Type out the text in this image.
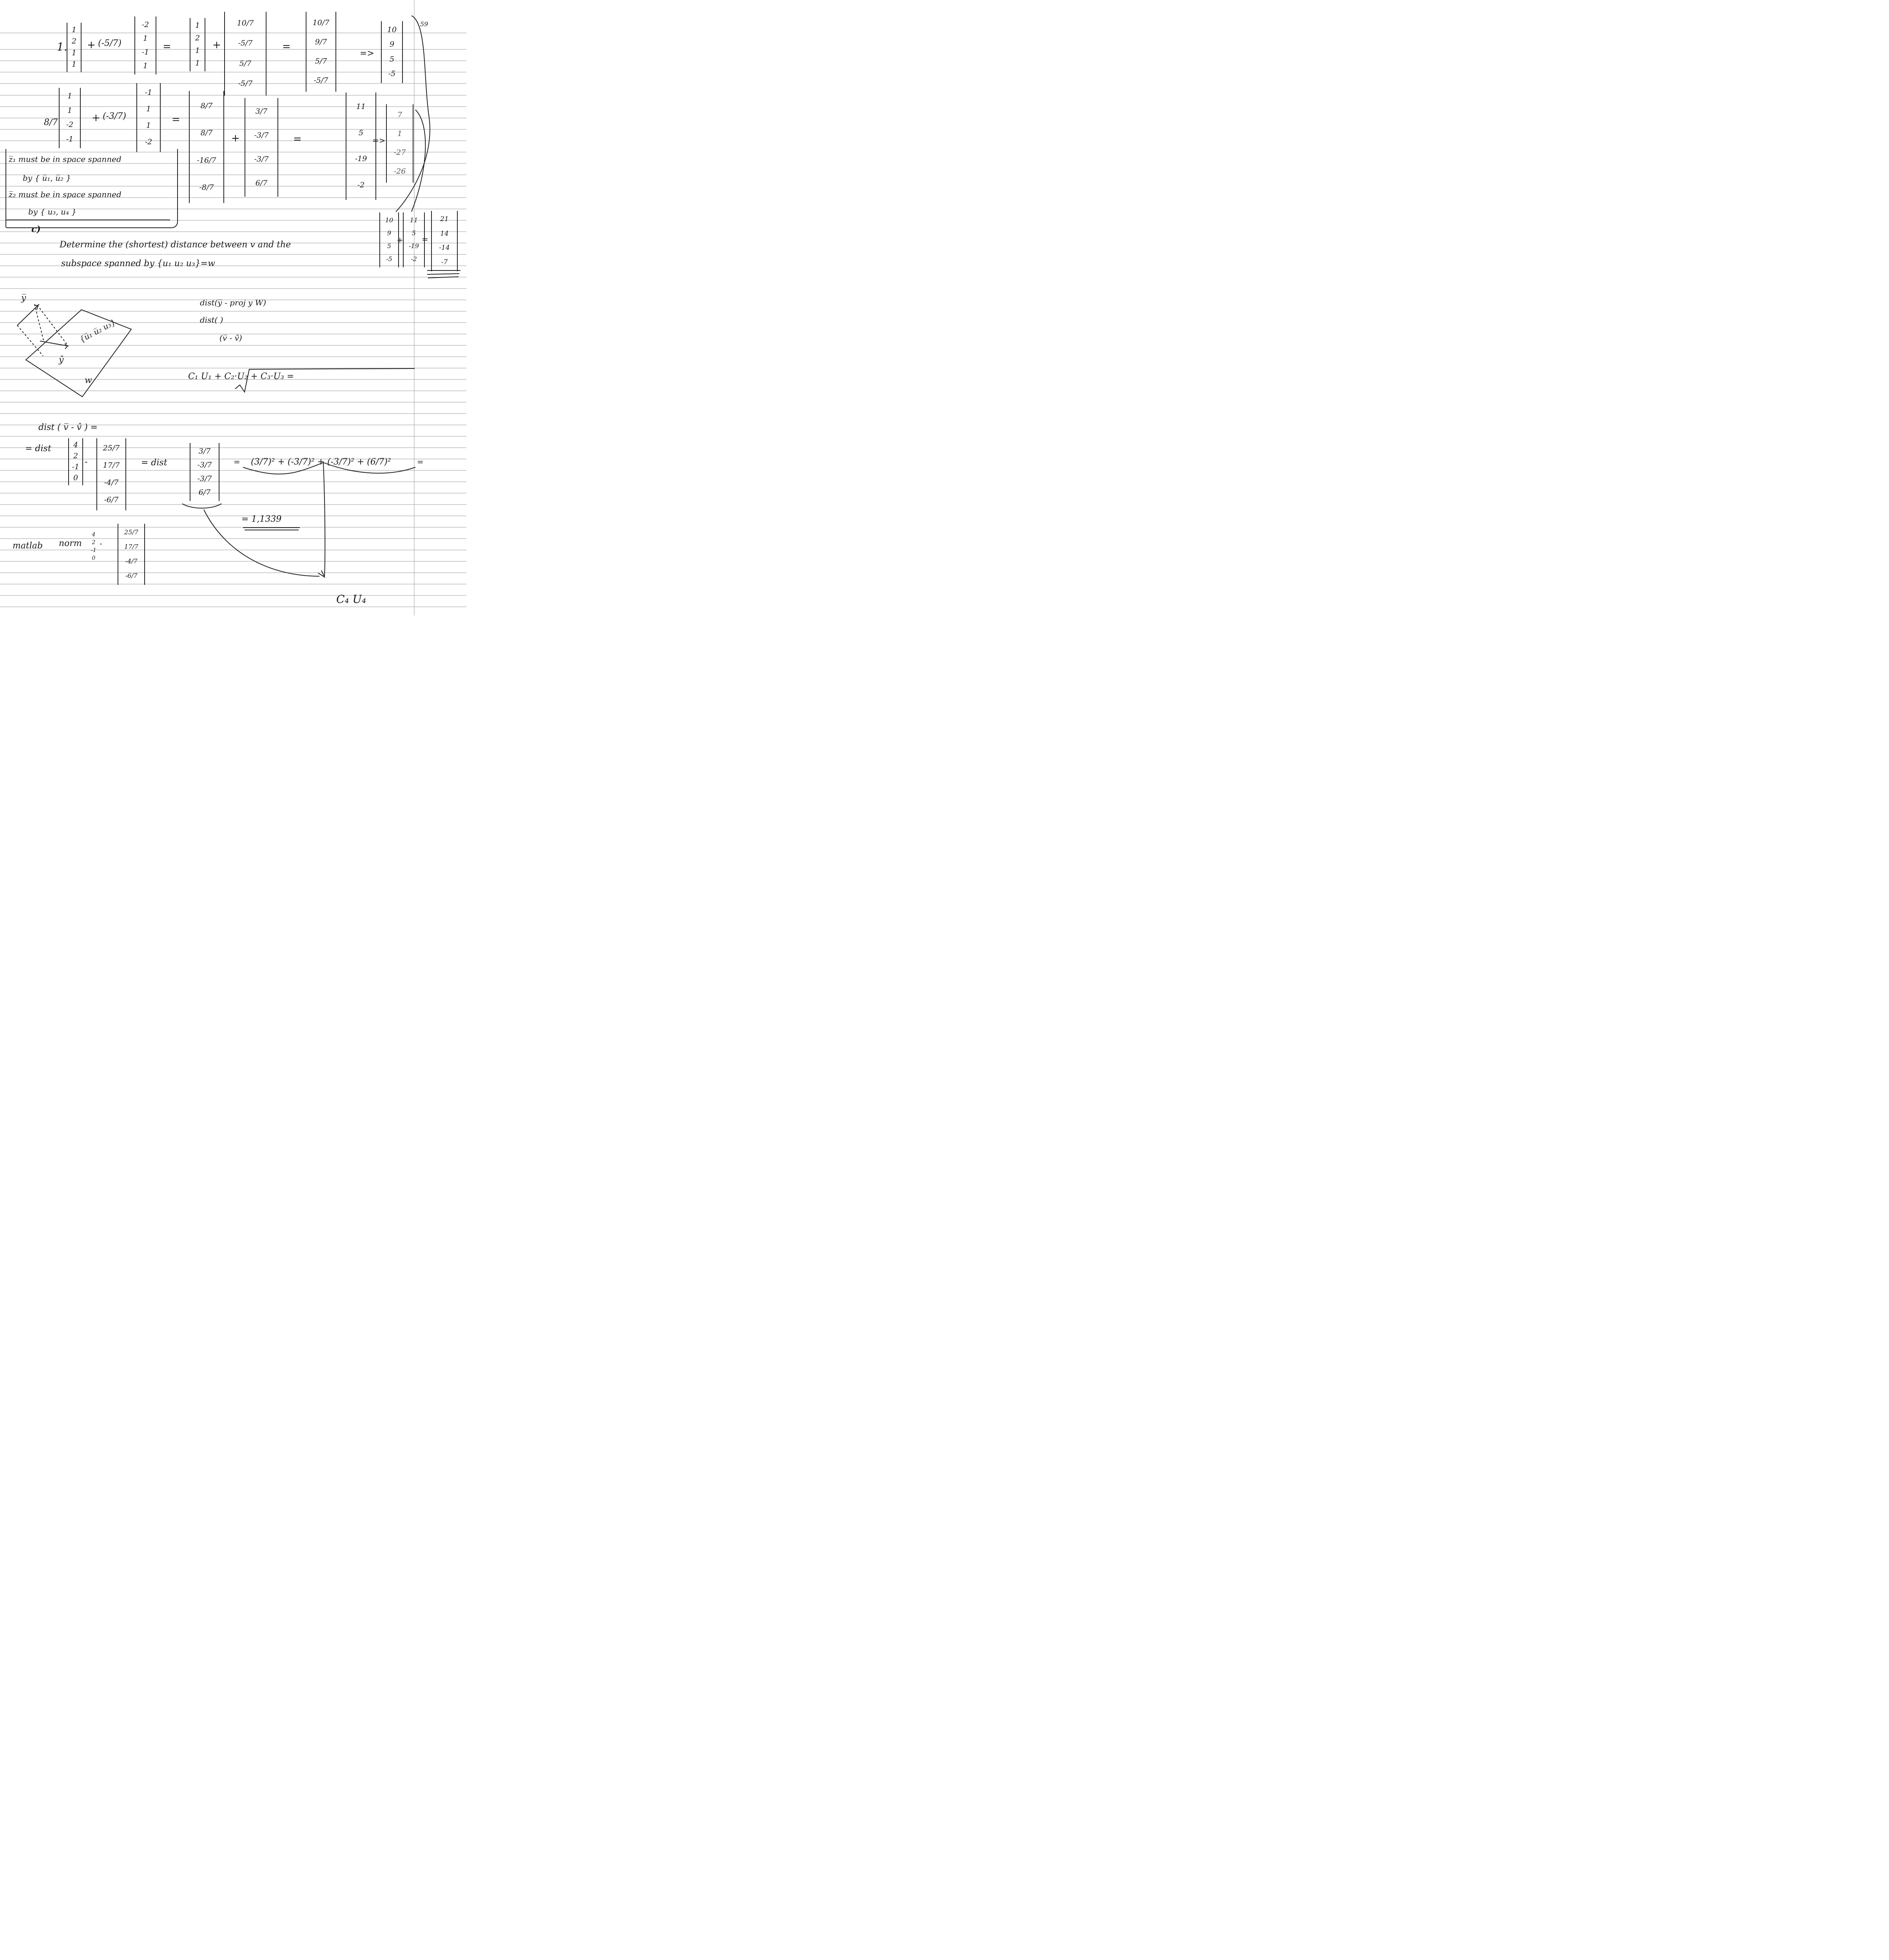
59
1.
1
2
1
1
+ (-5/7)
-2
1
-1
1
=
1
2
1
1
+
10/7
-5/7
5/7
-5/7
=
10/7
9/7
5/7
-5/7
=>
10
9
5
-5
8/7
1
1
-2
-1
+ (-3/7)
-1
1
1
-2
=
8/7
8/7
-16/7
-8/7
+
3/7
-3/7
-3/7
6/7
=
11
5
-19
-2
=>
7
1
-27
-26
z̅₁ must be in space spanned
by { u̅₁, u̅₂ }
z̅₂ must be in space spanned
by { u₃, u₄ }
c)
10
9
5
-5
+
11
5
-19
-2
=
21
14
-14
-7
Determine the (shortest) distance between v and the
subspace spanned by {u₁ u₂ u₃}=w
y̅
ŷ
{u̅₁ u̅₂ u₃}
w
dist(y̅ - proj y W)
dist( )
(v̅ - v̂)
C₁ U₁ + C₂·U₂ + C₃·U₃ =
dist ( v̅ - v̂ ) =
= dist	4
2
-1
0
-
25/7
17/7
-4/7
-6/7
= dist
3/7
-3/7
-3/7
6/7
= (3/7)² + (-3/7)² + (-3/7)² + (6/7)²	=
= 1,1339
matlab norm
4
2
-1
0
-
25/7
17/7
-4/7
-6/7
C₄ U₄
